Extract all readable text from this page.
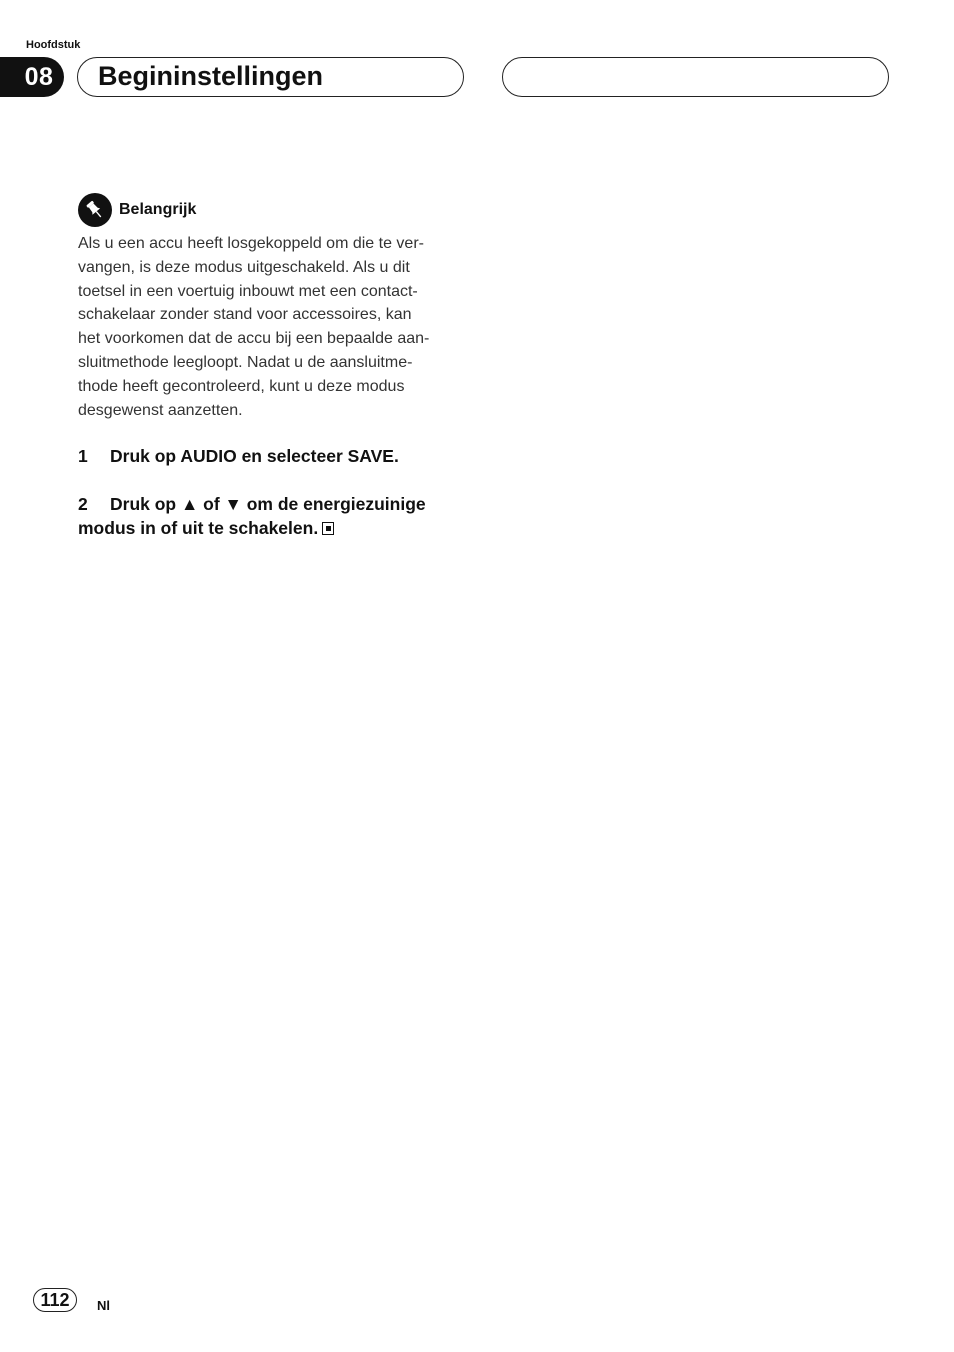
Hoofdstuk
08	Begininstellingen
Belangrijk
Als u een accu heeft losgekoppeld om die te ver-
vangen, is deze modus uitgeschakeld. Als u dit
toetsel in een voertuig inbouwt met een contact-
schakelaar zonder stand voor accessoires, kan
het voorkomen dat de accu bij een bepaalde aan-
sluitmethode leegloopt. Nadat u de aansluitme-
thode heeft gecontroleerd, kunt u deze modus
desgewenst aanzetten.
1 Druk op AUDIO en selecteer SAVE.
2 Druk op ▲ of ▼ om de energiezuinige
modus in of uit te schakelen.
112	Nl
